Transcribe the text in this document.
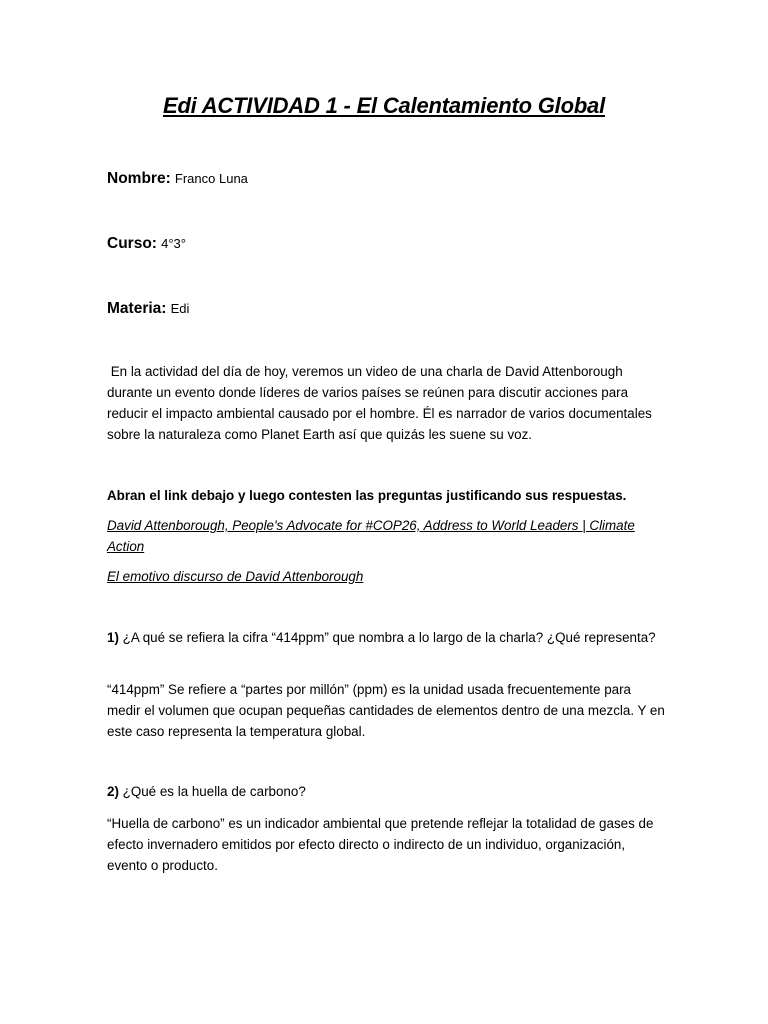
Edi ACTIVIDAD 1 - El Calentamiento Global
Nombre: Franco Luna
Curso: 4°3°
Materia: Edi
En la actividad del día de hoy, veremos un video de una charla de David Attenborough durante un evento donde líderes de varios países se reúnen para discutir acciones para reducir el impacto ambiental causado por el hombre. Él es narrador de varios documentales sobre la naturaleza como Planet Earth así que quizás les suene su voz.
Abran el link debajo y luego contesten las preguntas justificando sus respuestas.
David Attenborough, People's Advocate for #COP26, Address to World Leaders | Climate Action
El emotivo discurso de David Attenborough
1) ¿A qué se refiera la cifra “414ppm” que nombra a lo largo de la charla? ¿Qué representa?
“414ppm” Se refiere a “partes por millón” (ppm) es la unidad usada frecuentemente para medir el volumen que ocupan pequeñas cantidades de elementos dentro de una mezcla. Y en este caso representa la temperatura global.
2) ¿Qué es la huella de carbono?
“Huella de carbono” es un indicador ambiental que pretende reflejar la totalidad de gases de efecto invernadero emitidos por efecto directo o indirecto de un individuo, organización, evento o producto.
